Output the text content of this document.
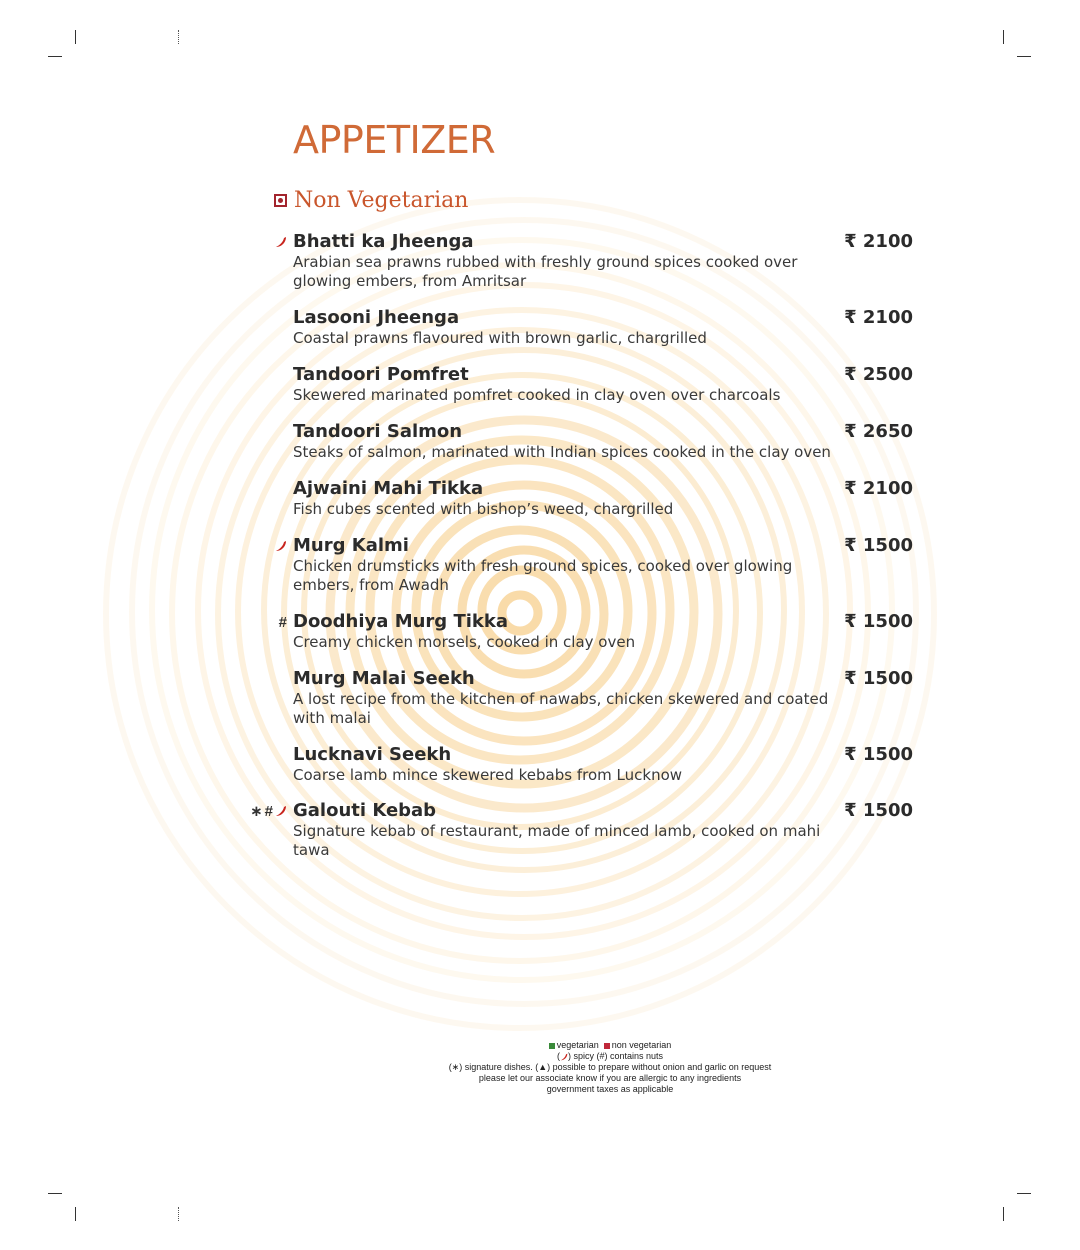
APPETIZER
Non Vegetarian
Bhatti ka Jheenga
Arabian sea prawns rubbed with freshly ground spices cooked over glowing embers, from Amritsar
₹ 2100
Lasooni Jheenga
Coastal prawns flavoured with brown garlic, chargrilled
₹ 2100
Tandoori Pomfret
Skewered marinated pomfret cooked in clay oven over charcoals
₹ 2500
Tandoori Salmon
Steaks of salmon, marinated with Indian spices cooked in the clay oven
₹ 2650
Ajwaini Mahi Tikka
Fish cubes scented with bishop’s weed, chargrilled
₹ 2100
Murg Kalmi
Chicken drumsticks with fresh ground spices, cooked over glowing embers, from Awadh
₹ 1500
# Doodhiya Murg Tikka
Creamy chicken morsels, cooked in clay oven
₹ 1500
Murg Malai Seekh
A lost recipe from the kitchen of nawabs, chicken skewered and coated with malai
₹ 1500
Lucknavi Seekh
Coarse lamb mince skewered kebabs from Lucknow
₹ 1500
∗ # Galouti Kebab
Signature kebab of restaurant, made of minced lamb, cooked on mahi tawa
₹ 1500
vegetarian non vegetarian
( ) spicy (#) contains nuts
(∗) signature dishes. (▲) possible to prepare without onion and garlic on request
please let our associate know if you are allergic to any ingredients
government taxes as applicable
